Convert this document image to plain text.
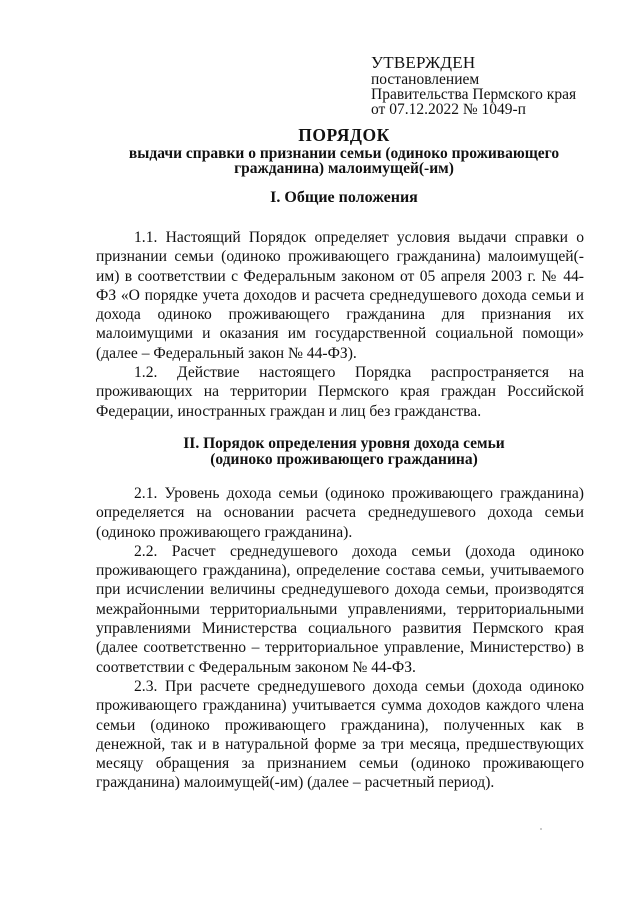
УТВЕРЖДЕН
постановлением
Правительства Пермского края
от 07.12.2022 № 1049-п
ПОРЯДОК
выдачи справки о признании семьи (одиноко проживающего
гражданина) малоимущей(-им)
I. Общие положения

1.1. Настоящий Порядок определяет условия выдачи справки о признании семьи (одиноко проживающего гражданина) малоимущей(-им) в соответствии с Федеральным законом от 05 апреля 2003 г. № 44-ФЗ «О порядке учета доходов и расчета среднедушевого дохода семьи и дохода одиноко проживающего гражданина для признания их малоимущими и оказания им государственной социальной помощи» (далее – Федеральный закон № 44-ФЗ).

1.2. Действие настоящего Порядка распространяется на проживающих на территории Пермского края граждан Российской Федерации, иностранных граждан и лиц без гражданства.

II. Порядок определения уровня дохода семьи
(одиноко проживающего гражданина)

2.1. Уровень дохода семьи (одиноко проживающего гражданина) определяется на основании расчета среднедушевого дохода семьи (одиноко проживающего гражданина).

2.2. Расчет среднедушевого дохода семьи (дохода одиноко проживающего гражданина), определение состава семьи, учитываемого при исчислении величины среднедушевого дохода семьи, производятся межрайонными территориальными управлениями, территориальными управлениями Министерства социального развития Пермского края (далее соответственно – территориальное управление, Министерство) в соответствии с Федеральным законом № 44-ФЗ.

2.3. При расчете среднедушевого дохода семьи (дохода одиноко проживающего гражданина) учитывается сумма доходов каждого члена семьи (одиноко проживающего гражданина), полученных как в денежной, так и в натуральной форме за три месяца, предшествующих месяцу обращения за признанием семьи (одиноко проживающего гражданина) малоимущей(-им) (далее – расчетный период).
